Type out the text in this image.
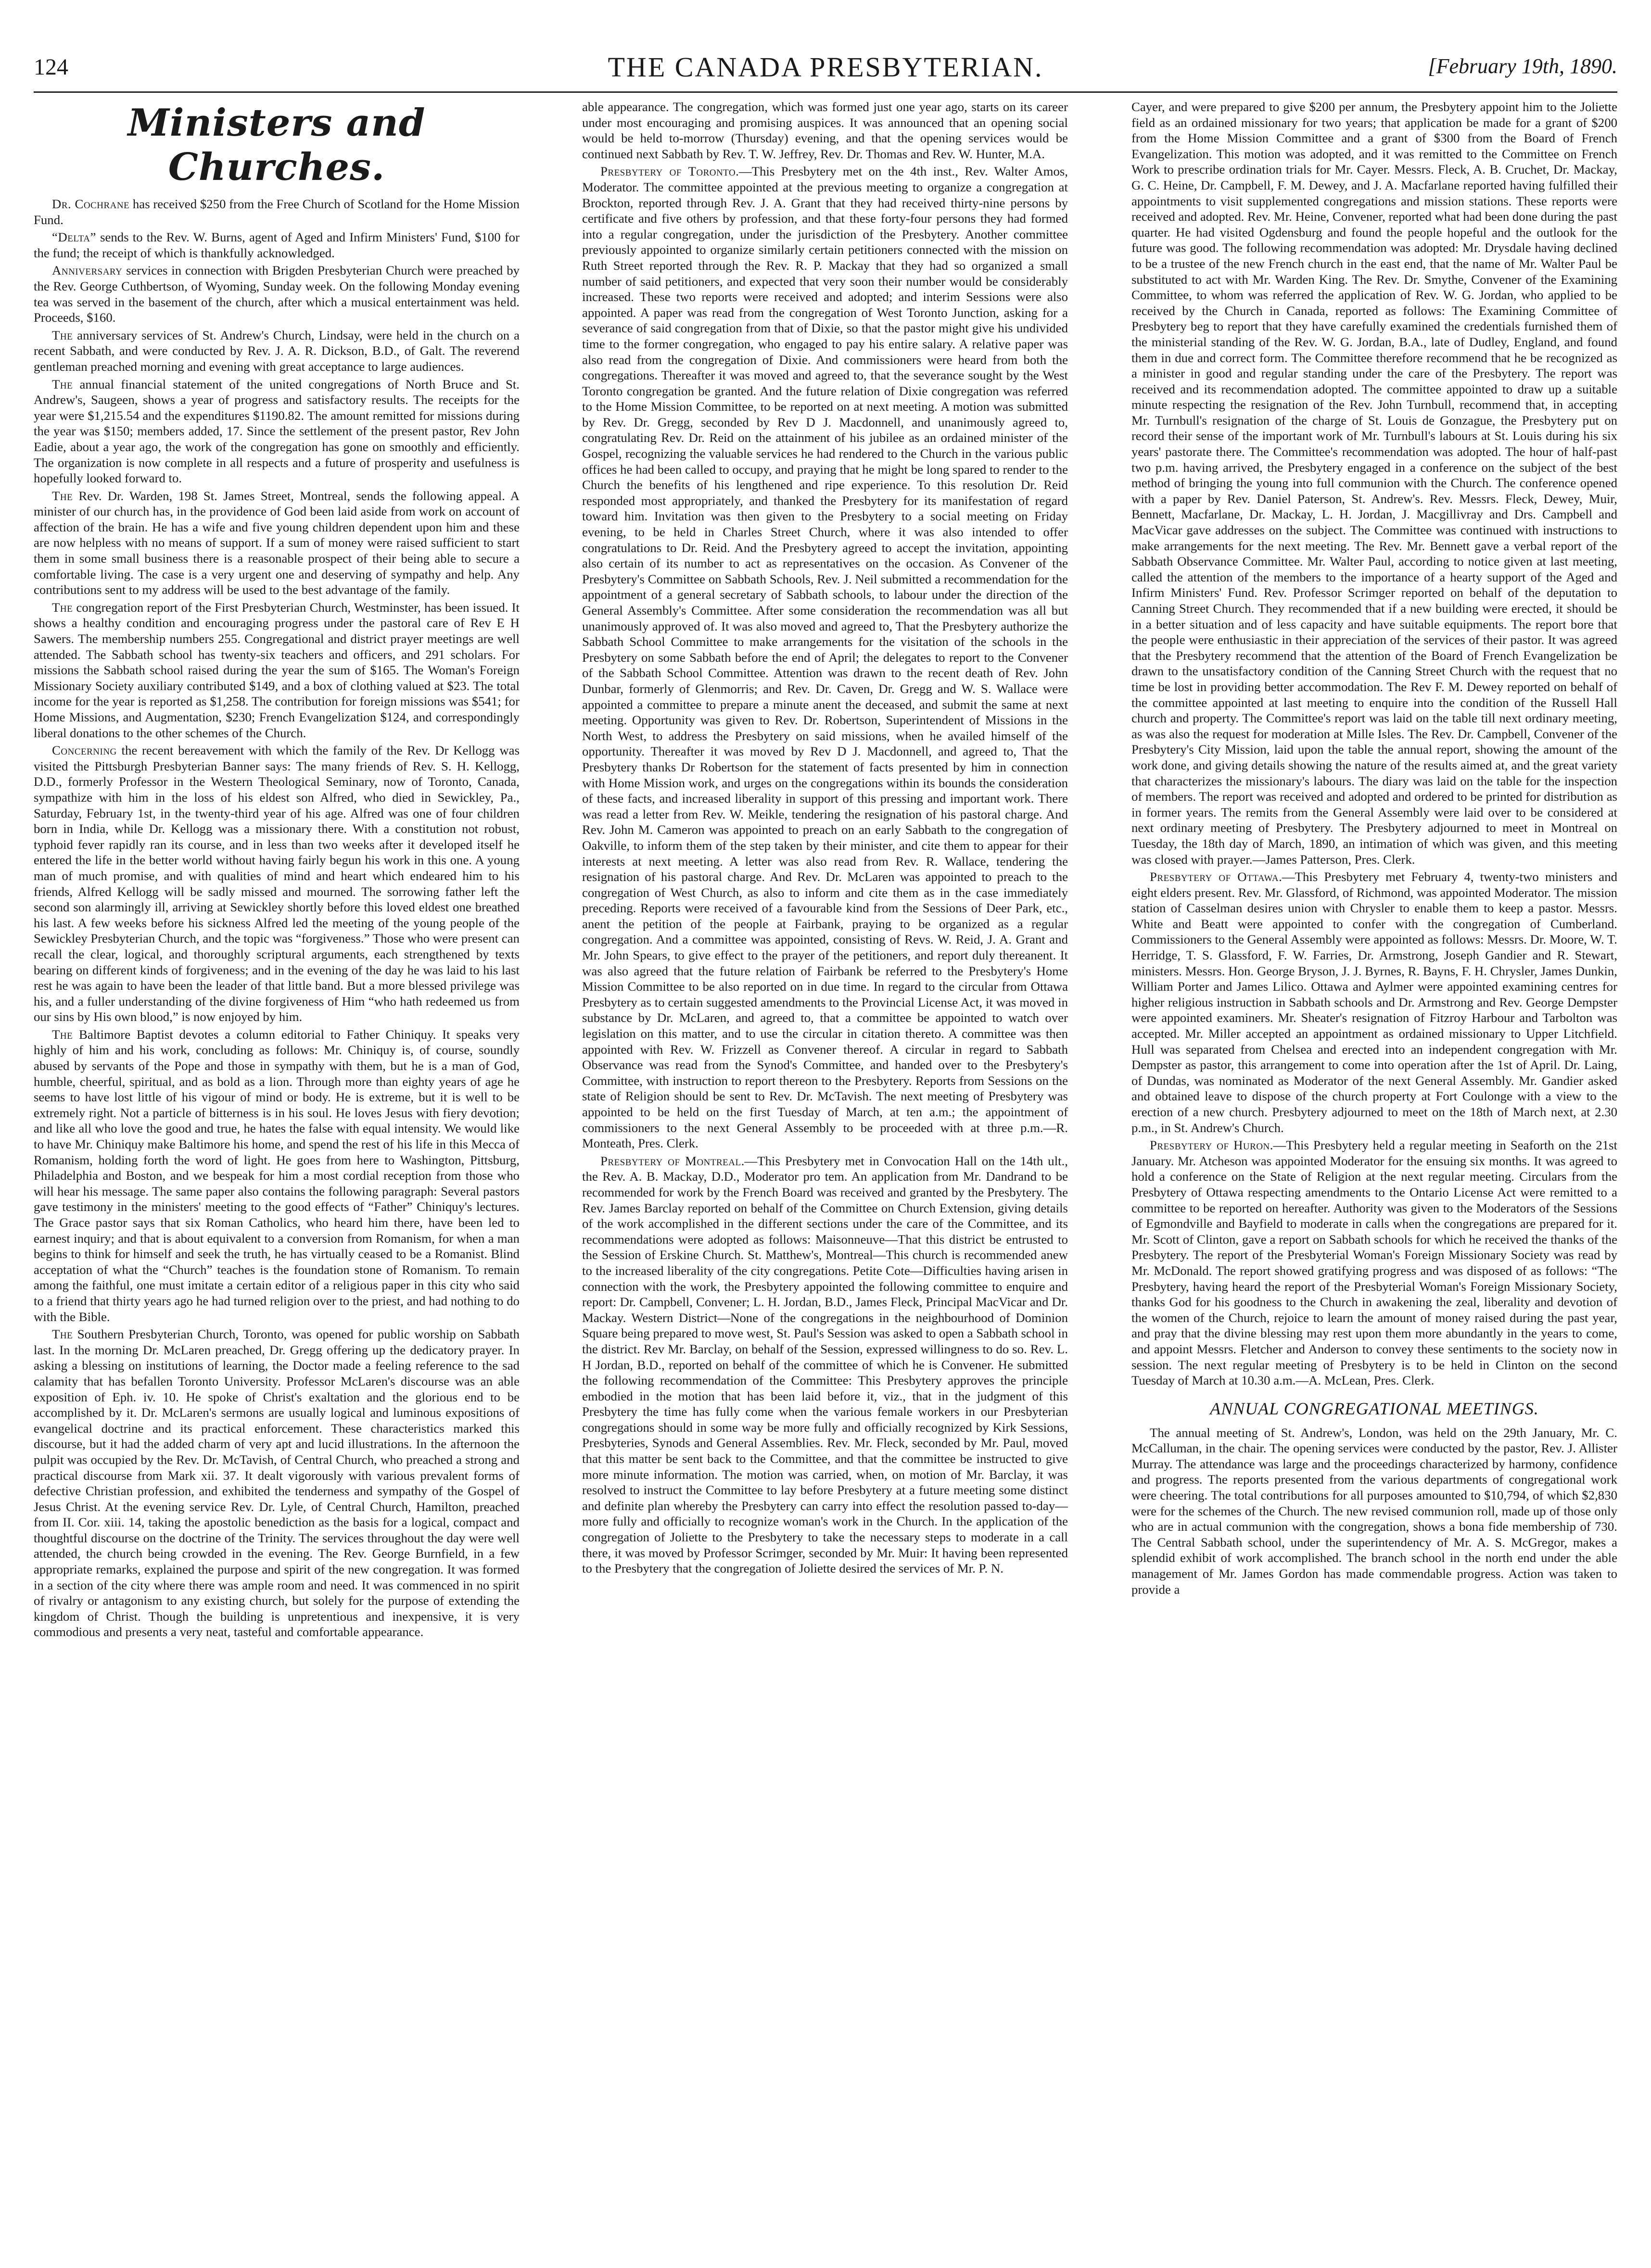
124	THE CANADA PRESBYTERIAN.	[February 19th, 1890.
Ministers and Churches.

Dr. Cochrane has received $250 from the Free Church of Scotland for the Home Mission Fund.

“Delta” sends to the Rev. W. Burns, agent of Aged and Infirm Ministers' Fund, $100 for the fund; the receipt of which is thankfully acknowledged.

Anniversary services in connection with Brigden Presbyterian Church were preached by the Rev. George Cuthbertson, of Wyoming, Sunday week. On the following Monday evening tea was served in the basement of the church, after which a musical entertainment was held. Proceeds, $160.

The anniversary services of St. Andrew's Church, Lindsay, were held in the church on a recent Sabbath, and were conducted by Rev. J. A. R. Dickson, B.D., of Galt. The reverend gentleman preached morning and evening with great acceptance to large audiences.

The annual financial statement of the united congregations of North Bruce and St. Andrew's, Saugeen, shows a year of progress and satisfactory results. The receipts for the year were $1,215.54 and the expenditures $1190.82. The amount remitted for missions during the year was $150; members added, 17. Since the settlement of the present pastor, Rev John Eadie, about a year ago, the work of the congregation has gone on smoothly and efficiently. The organization is now complete in all respects and a future of prosperity and usefulness is hopefully looked forward to.

The Rev. Dr. Warden, 198 St. James Street, Montreal, sends the following appeal. A minister of our church has, in the providence of God been laid aside from work on account of affection of the brain. He has a wife and five young children dependent upon him and these are now helpless with no means of support. If a sum of money were raised sufficient to start them in some small business there is a reasonable prospect of their being able to secure a comfortable living. The case is a very urgent one and deserving of sympathy and help. Any contributions sent to my address will be used to the best advantage of the family.

The congregation report of the First Presbyterian Church, Westminster, has been issued. It shows a healthy condition and encouraging progress under the pastoral care of Rev E H Sawers. The membership numbers 255. Congregational and district prayer meetings are well attended. The Sabbath school has twenty-six teachers and officers, and 291 scholars. For missions the Sabbath school raised during the year the sum of $165. The Woman's Foreign Missionary Society auxiliary contributed $149, and a box of clothing valued at $23. The total income for the year is reported as $1,258. The contribution for foreign missions was $541; for Home Missions, and Augmentation, $230; French Evangelization $124, and correspondingly liberal donations to the other schemes of the Church.

Concerning the recent bereavement with which the family of the Rev. Dr Kellogg was visited the Pittsburgh Presbyterian Banner says: The many friends of Rev. S. H. Kellogg, D.D., formerly Professor in the Western Theological Seminary, now of Toronto, Canada, sympathize with him in the loss of his eldest son Alfred, who died in Sewickley, Pa., Saturday, February 1st, in the twenty-third year of his age. Alfred was one of four children born in India, while Dr. Kellogg was a missionary there. With a constitution not robust, typhoid fever rapidly ran its course, and in less than two weeks after it developed itself he entered the life in the better world without having fairly begun his work in this one. A young man of much promise, and with qualities of mind and heart which endeared him to his friends, Alfred Kellogg will be sadly missed and mourned. The sorrowing father left the second son alarmingly ill, arriving at Sewickley shortly before this loved eldest one breathed his last. A few weeks before his sickness Alfred led the meeting of the young people of the Sewickley Presbyterian Church, and the topic was “forgiveness.” Those who were present can recall the clear, logical, and thoroughly scriptural arguments, each strengthened by texts bearing on different kinds of forgiveness; and in the evening of the day he was laid to his last rest he was again to have been the leader of that little band. But a more blessed privilege was his, and a fuller understanding of the divine forgiveness of Him “who hath redeemed us from our sins by His own blood,” is now enjoyed by him.

The Baltimore Baptist devotes a column editorial to Father Chiniquy. It speaks very highly of him and his work, concluding as follows: Mr. Chiniquy is, of course, soundly abused by servants of the Pope and those in sympathy with them, but he is a man of God, humble, cheerful, spiritual, and as bold as a lion. Through more than eighty years of age he seems to have lost little of his vigour of mind or body. He is extreme, but it is well to be extremely right. Not a particle of bitterness is in his soul. He loves Jesus with fiery devotion; and like all who love the good and true, he hates the false with equal intensity. We would like to have Mr. Chiniquy make Baltimore his home, and spend the rest of his life in this Mecca of Romanism, holding forth the word of light. He goes from here to Washington, Pittsburg, Philadelphia and Boston, and we bespeak for him a most cordial reception from those who will hear his message. The same paper also contains the following paragraph: Several pastors gave testimony in the ministers' meeting to the good effects of “Father” Chiniquy's lectures. The Grace pastor says that six Roman Catholics, who heard him there, have been led to earnest inquiry; and that is about equivalent to a conversion from Romanism, for when a man begins to think for himself and seek the truth, he has virtually ceased to be a Romanist. Blind acceptation of what the “Church” teaches is the foundation stone of Romanism. To remain among the faithful, one must imitate a certain editor of a religious paper in this city who said to a friend that thirty years ago he had turned religion over to the priest, and had nothing to do with the Bible.

The Southern Presbyterian Church, Toronto, was opened for public worship on Sabbath last. In the morning Dr. McLaren preached, Dr. Gregg offering up the dedicatory prayer. In asking a blessing on institutions of learning, the Doctor made a feeling reference to the sad calamity that has befallen Toronto University. Professor McLaren's discourse was an able exposition of Eph. iv. 10. He spoke of Christ's exaltation and the glorious end to be accomplished by it. Dr. McLaren's sermons are usually logical and luminous expositions of evangelical doctrine and its practical enforcement. These characteristics marked this discourse, but it had the added charm of very apt and lucid illustrations. In the afternoon the pulpit was occupied by the Rev. Dr. McTavish, of Central Church, who preached a strong and practical discourse from Mark xii. 37. It dealt vigorously with various prevalent forms of defective Christian profession, and exhibited the tenderness and sympathy of the Gospel of Jesus Christ. At the evening service Rev. Dr. Lyle, of Central Church, Hamilton, preached from II. Cor. xiii. 14, taking the apostolic benediction as the basis for a logical, compact and thoughtful discourse on the doctrine of the Trinity. The services throughout the day were well attended, the church being crowded in the evening. The Rev. George Burnfield, in a few appropriate remarks, explained the purpose and spirit of the new congregation. It was formed in a section of the city where there was ample room and need. It was commenced in no spirit of rivalry or antagonism to any existing church, but solely for the purpose of extending the kingdom of Christ. Though the building is unpretentious and inexpensive, it is very commodious and presents a very neat, tasteful and comfortable appearance.

able appearance. The congregation, which was formed just one year ago, starts on its career under most encouraging and promising auspices. It was announced that an opening social would be held to-morrow (Thursday) evening, and that the opening services would be continued next Sabbath by Rev. T. W. Jeffrey, Rev. Dr. Thomas and Rev. W. Hunter, M.A.

Presbytery of Toronto.—This Presbytery met on the 4th inst., Rev. Walter Amos, Moderator. The committee appointed at the previous meeting to organize a congregation at Brockton, reported through Rev. J. A. Grant that they had received thirty-nine persons by certificate and five others by profession, and that these forty-four persons they had formed into a regular congregation, under the jurisdiction of the Presbytery. Another committee previously appointed to organize similarly certain petitioners connected with the mission on Ruth Street reported through the Rev. R. P. Mackay that they had so organized a small number of said petitioners, and expected that very soon their number would be considerably increased. These two reports were received and adopted; and interim Sessions were also appointed. A paper was read from the congregation of West Toronto Junction, asking for a severance of said congregation from that of Dixie, so that the pastor might give his undivided time to the former congregation, who engaged to pay his entire salary. A relative paper was also read from the congregation of Dixie. And commissioners were heard from both the congregations. Thereafter it was moved and agreed to, that the severance sought by the West Toronto congregation be granted. And the future relation of Dixie congregation was referred to the Home Mission Committee, to be reported on at next meeting. A motion was submitted by Rev. Dr. Gregg, seconded by Rev D J. Macdonnell, and unanimously agreed to, congratulating Rev. Dr. Reid on the attainment of his jubilee as an ordained minister of the Gospel, recognizing the valuable services he had rendered to the Church in the various public offices he had been called to occupy, and praying that he might be long spared to render to the Church the benefits of his lengthened and ripe experience. To this resolution Dr. Reid responded most appropriately, and thanked the Presbytery for its manifestation of regard toward him. Invitation was then given to the Presbytery to a social meeting on Friday evening, to be held in Charles Street Church, where it was also intended to offer congratulations to Dr. Reid. And the Presbytery agreed to accept the invitation, appointing also certain of its number to act as representatives on the occasion. As Convener of the Presbytery's Committee on Sabbath Schools, Rev. J. Neil submitted a recommendation for the appointment of a general secretary of Sabbath schools, to labour under the direction of the General Assembly's Committee. After some consideration the recommendation was all but unanimously approved of. It was also moved and agreed to, That the Presbytery authorize the Sabbath School Committee to make arrangements for the visitation of the schools in the Presbytery on some Sabbath before the end of April; the delegates to report to the Convener of the Sabbath School Committee. Attention was drawn to the recent death of Rev. John Dunbar, formerly of Glenmorris; and Rev. Dr. Caven, Dr. Gregg and W. S. Wallace were appointed a committee to prepare a minute anent the deceased, and submit the same at next meeting. Opportunity was given to Rev. Dr. Robertson, Superintendent of Missions in the North West, to address the Presbytery on said missions, when he availed himself of the opportunity. Thereafter it was moved by Rev D J. Macdonnell, and agreed to, That the Presbytery thanks Dr Robertson for the statement of facts presented by him in connection with Home Mission work, and urges on the congregations within its bounds the consideration of these facts, and increased liberality in support of this pressing and important work. There was read a letter from Rev. W. Meikle, tendering the resignation of his pastoral charge. And Rev. John M. Cameron was appointed to preach on an early Sabbath to the congregation of Oakville, to inform them of the step taken by their minister, and cite them to appear for their interests at next meeting. A letter was also read from Rev. R. Wallace, tendering the resignation of his pastoral charge. And Rev. Dr. McLaren was appointed to preach to the congregation of West Church, as also to inform and cite them as in the case immediately preceding. Reports were received of a favourable kind from the Sessions of Deer Park, etc., anent the petition of the people at Fairbank, praying to be organized as a regular congregation. And a committee was appointed, consisting of Revs. W. Reid, J. A. Grant and Mr. John Spears, to give effect to the prayer of the petitioners, and report duly thereanent. It was also agreed that the future relation of Fairbank be referred to the Presbytery's Home Mission Committee to be also reported on in due time. In regard to the circular from Ottawa Presbytery as to certain suggested amendments to the Provincial License Act, it was moved in substance by Dr. McLaren, and agreed to, that a committee be appointed to watch over legislation on this matter, and to use the circular in citation thereto. A committee was then appointed with Rev. W. Frizzell as Convener thereof. A circular in regard to Sabbath Observance was read from the Synod's Committee, and handed over to the Presbytery's Committee, with instruction to report thereon to the Presbytery. Reports from Sessions on the state of Religion should be sent to Rev. Dr. McTavish. The next meeting of Presbytery was appointed to be held on the first Tuesday of March, at ten a.m.; the appointment of commissioners to the next General Assembly to be proceeded with at three p.m.—R. Monteath, Pres. Clerk.

Presbytery of Montreal.—This Presbytery met in Convocation Hall on the 14th ult., the Rev. A. B. Mackay, D.D., Moderator pro tem. An application from Mr. Dandrand to be recommended for work by the French Board was received and granted by the Presbytery. The Rev. James Barclay reported on behalf of the Committee on Church Extension, giving details of the work accomplished in the different sections under the care of the Committee, and its recommendations were adopted as follows: Maisonneuve—That this district be entrusted to the Session of Erskine Church. St. Matthew's, Montreal—This church is recommended anew to the increased liberality of the city congregations. Petite Cote—Difficulties having arisen in connection with the work, the Presbytery appointed the following committee to enquire and report: Dr. Campbell, Convener; L. H. Jordan, B.D., James Fleck, Principal MacVicar and Dr. Mackay. Western District—None of the congregations in the neighbourhood of Dominion Square being prepared to move west, St. Paul's Session was asked to open a Sabbath school in the district. Rev Mr. Barclay, on behalf of the Session, expressed willingness to do so. Rev. L. H Jordan, B.D., reported on behalf of the committee of which he is Convener. He submitted the following recommendation of the Committee: This Presbytery approves the principle embodied in the motion that has been laid before it, viz., that in the judgment of this Presbytery the time has fully come when the various female workers in our Presbyterian congregations should in some way be more fully and officially recognized by Kirk Sessions, Presbyteries, Synods and General Assemblies. Rev. Mr. Fleck, seconded by Mr. Paul, moved that this matter be sent back to the Committee, and that the committee be instructed to give more minute information. The motion was carried, when, on motion of Mr. Barclay, it was resolved to instruct the Committee to lay before Presbytery at a future meeting some distinct and definite plan whereby the Presbytery can carry into effect the resolution passed to-day—more fully and officially to recognize woman's work in the Church. In the application of the congregation of Joliette to the Presbytery to take the necessary steps to moderate in a call there, it was moved by Professor Scrimger, seconded by Mr. Muir: It having been represented to the Presbytery that the congregation of Joliette desired the services of Mr. P. N.

Cayer, and were prepared to give $200 per annum, the Presbytery appoint him to the Joliette field as an ordained missionary for two years; that application be made for a grant of $200 from the Home Mission Committee and a grant of $300 from the Board of French Evangelization. This motion was adopted, and it was remitted to the Committee on French Work to prescribe ordination trials for Mr. Cayer. Messrs. Fleck, A. B. Cruchet, Dr. Mackay, G. C. Heine, Dr. Campbell, F. M. Dewey, and J. A. Macfarlane reported having fulfilled their appointments to visit supplemented congregations and mission stations. These reports were received and adopted. Rev. Mr. Heine, Convener, reported what had been done during the past quarter. He had visited Ogdensburg and found the people hopeful and the outlook for the future was good. The following recommendation was adopted: Mr. Drysdale having declined to be a trustee of the new French church in the east end, that the name of Mr. Walter Paul be substituted to act with Mr. Warden King. The Rev. Dr. Smythe, Convener of the Examining Committee, to whom was referred the application of Rev. W. G. Jordan, who applied to be received by the Church in Canada, reported as follows: The Examining Committee of Presbytery beg to report that they have carefully examined the credentials furnished them of the ministerial standing of the Rev. W. G. Jordan, B.A., late of Dudley, England, and found them in due and correct form. The Committee therefore recommend that he be recognized as a minister in good and regular standing under the care of the Presbytery. The report was received and its recommendation adopted. The committee appointed to draw up a suitable minute respecting the resignation of the Rev. John Turnbull, recommend that, in accepting Mr. Turnbull's resignation of the charge of St. Louis de Gonzague, the Presbytery put on record their sense of the important work of Mr. Turnbull's labours at St. Louis during his six years' pastorate there. The Committee's recommendation was adopted. The hour of half-past two p.m. having arrived, the Presbytery engaged in a conference on the subject of the best method of bringing the young into full communion with the Church. The conference opened with a paper by Rev. Daniel Paterson, St. Andrew's. Rev. Messrs. Fleck, Dewey, Muir, Bennett, Macfarlane, Dr. Mackay, L. H. Jordan, J. Macgillivray and Drs. Campbell and MacVicar gave addresses on the subject. The Committee was continued with instructions to make arrangements for the next meeting. The Rev. Mr. Bennett gave a verbal report of the Sabbath Observance Committee. Mr. Walter Paul, according to notice given at last meeting, called the attention of the members to the importance of a hearty support of the Aged and Infirm Ministers' Fund. Rev. Professor Scrimger reported on behalf of the deputation to Canning Street Church. They recommended that if a new building were erected, it should be in a better situation and of less capacity and have suitable equipments. The report bore that the people were enthusiastic in their appreciation of the services of their pastor. It was agreed that the Presbytery recommend that the attention of the Board of French Evangelization be drawn to the unsatisfactory condition of the Canning Street Church with the request that no time be lost in providing better accommodation. The Rev F. M. Dewey reported on behalf of the committee appointed at last meeting to enquire into the condition of the Russell Hall church and property. The Committee's report was laid on the table till next ordinary meeting, as was also the request for moderation at Mille Isles. The Rev. Dr. Campbell, Convener of the Presbytery's City Mission, laid upon the table the annual report, showing the amount of the work done, and giving details showing the nature of the results aimed at, and the great variety that characterizes the missionary's labours. The diary was laid on the table for the inspection of members. The report was received and adopted and ordered to be printed for distribution as in former years. The remits from the General Assembly were laid over to be considered at next ordinary meeting of Presbytery. The Presbytery adjourned to meet in Montreal on Tuesday, the 18th day of March, 1890, an intimation of which was given, and this meeting was closed with prayer.—James Patterson, Pres. Clerk.

Presbytery of Ottawa.—This Presbytery met February 4, twenty-two ministers and eight elders present. Rev. Mr. Glassford, of Richmond, was appointed Moderator. The mission station of Casselman desires union with Chrysler to enable them to keep a pastor. Messrs. White and Beatt were appointed to confer with the congregation of Cumberland. Commissioners to the General Assembly were appointed as follows: Messrs. Dr. Moore, W. T. Herridge, T. S. Glassford, F. W. Farries, Dr. Armstrong, Joseph Gandier and R. Stewart, ministers. Messrs. Hon. George Bryson, J. J. Byrnes, R. Bayns, F. H. Chrysler, James Dunkin, William Porter and James Lilico. Ottawa and Aylmer were appointed examining centres for higher religious instruction in Sabbath schools and Dr. Armstrong and Rev. George Dempster were appointed examiners. Mr. Sheater's resignation of Fitzroy Harbour and Tarbolton was accepted. Mr. Miller accepted an appointment as ordained missionary to Upper Litchfield. Hull was separated from Chelsea and erected into an independent congregation with Mr. Dempster as pastor, this arrangement to come into operation after the 1st of April. Dr. Laing, of Dundas, was nominated as Moderator of the next General Assembly. Mr. Gandier asked and obtained leave to dispose of the church property at Fort Coulonge with a view to the erection of a new church. Presbytery adjourned to meet on the 18th of March next, at 2.30 p.m., in St. Andrew's Church.

Presbytery of Huron.—This Presbytery held a regular meeting in Seaforth on the 21st January. Mr. Atcheson was appointed Moderator for the ensuing six months. It was agreed to hold a conference on the State of Religion at the next regular meeting. Circulars from the Presbytery of Ottawa respecting amendments to the Ontario License Act were remitted to a committee to be reported on hereafter. Authority was given to the Moderators of the Sessions of Egmondville and Bayfield to moderate in calls when the congregations are prepared for it. Mr. Scott of Clinton, gave a report on Sabbath schools for which he received the thanks of the Presbytery. The report of the Presbyterial Woman's Foreign Missionary Society was read by Mr. McDonald. The report showed gratifying progress and was disposed of as follows: “The Presbytery, having heard the report of the Presbyterial Woman's Foreign Missionary Society, thanks God for his goodness to the Church in awakening the zeal, liberality and devotion of the women of the Church, rejoice to learn the amount of money raised during the past year, and pray that the divine blessing may rest upon them more abundantly in the years to come, and appoint Messrs. Fletcher and Anderson to convey these sentiments to the society now in session. The next regular meeting of Presbytery is to be held in Clinton on the second Tuesday of March at 10.30 a.m.—A. McLean, Pres. Clerk.

ANNUAL CONGREGATIONAL MEETINGS.

The annual meeting of St. Andrew's, London, was held on the 29th January, Mr. C. McCalluman, in the chair. The opening services were conducted by the pastor, Rev. J. Allister Murray. The attendance was large and the proceedings characterized by harmony, confidence and progress. The reports presented from the various departments of congregational work were cheering. The total contributions for all purposes amounted to $10,794, of which $2,830 were for the schemes of the Church. The new revised communion roll, made up of those only who are in actual communion with the congregation, shows a bona fide membership of 730. The Central Sabbath school, under the superintendency of Mr. A. S. McGregor, makes a splendid exhibit of work accomplished. The branch school in the north end under the able management of Mr. James Gordon has made commendable progress. Action was taken to provide a
